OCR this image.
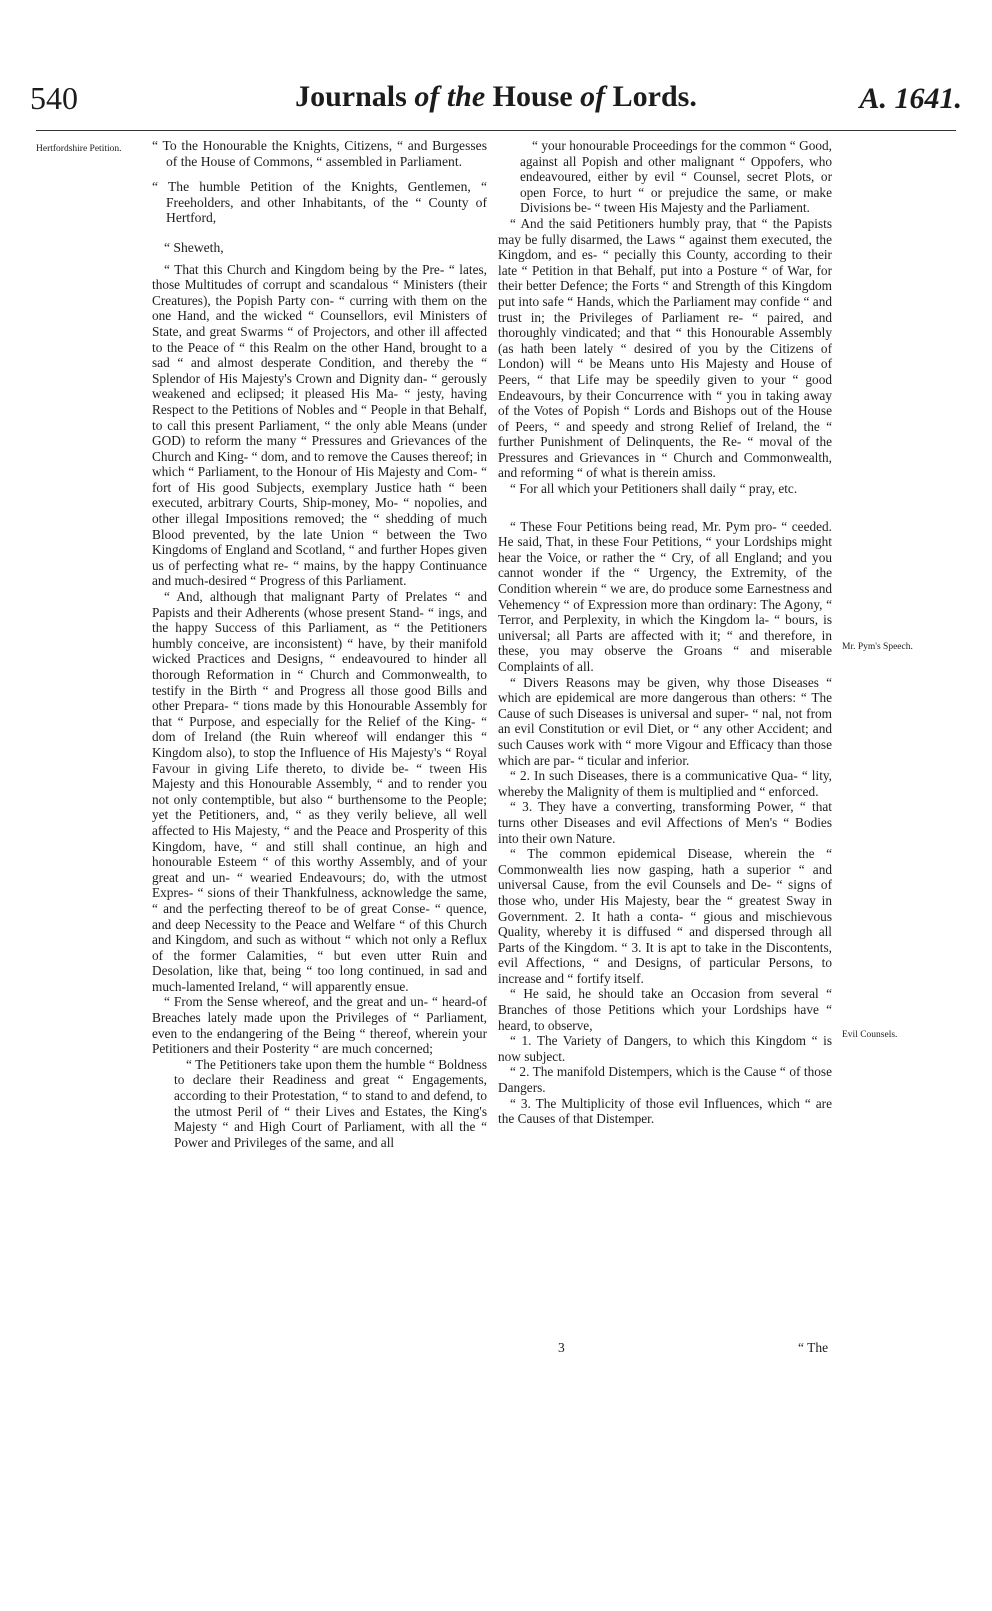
540	Journals of the House of Lords.	A. 1641.
Hertfordshire Petition.
Mr. Pym's Speech.
Evil Counsels.

“ To the Honourable the Knights, Citizens, “ and Burgesses of the House of Commons, “ assembled in Parliament.

“ The humble Petition of the Knights, Gentlemen, “ Freeholders, and other Inhabitants, of the “ County of Hertford,

“ Sheweth,

“ That this Church and Kingdom being by the Pre- “ lates, those Multitudes of corrupt and scandalous “ Ministers (their Creatures), the Popish Party con- “ curring with them on the one Hand, and the wicked “ Counsellors, evil Ministers of State, and great Swarms “ of Projectors, and other ill affected to the Peace of “ this Realm on the other Hand, brought to a sad “ and almost desperate Condition, and thereby the “ Splendor of His Majesty's Crown and Dignity dan- “ gerously weakened and eclipsed; it pleased His Ma- “ jesty, having Respect to the Petitions of Nobles and “ People in that Behalf, to call this present Parliament, “ the only able Means (under GOD) to reform the many “ Pressures and Grievances of the Church and King- “ dom, and to remove the Causes thereof; in which “ Parliament, to the Honour of His Majesty and Com- “ fort of His good Subjects, exemplary Justice hath “ been executed, arbitrary Courts, Ship-money, Mo- “ nopolies, and other illegal Impositions removed; the “ shedding of much Blood prevented, by the late Union “ between the Two Kingdoms of England and Scotland, “ and further Hopes given us of perfecting what re- “ mains, by the happy Continuance and much-desired “ Progress of this Parliament.

“ And, although that malignant Party of Prelates “ and Papists and their Adherents (whose present Stand- “ ings, and the happy Success of this Parliament, as “ the Petitioners humbly conceive, are inconsistent) “ have, by their manifold wicked Practices and Designs, “ endeavoured to hinder all thorough Reformation in “ Church and Commonwealth, to testify in the Birth “ and Progress all those good Bills and other Prepara- “ tions made by this Honourable Assembly for that “ Purpose, and especially for the Relief of the King- “ dom of Ireland (the Ruin whereof will endanger this “ Kingdom also), to stop the Influence of His Majesty's “ Royal Favour in giving Life thereto, to divide be- “ tween His Majesty and this Honourable Assembly, “ and to render you not only contemptible, but also “ burthensome to the People; yet the Petitioners, and, “ as they verily believe, all well affected to His Majesty, “ and the Peace and Prosperity of this Kingdom, have, “ and still shall continue, an high and honourable Esteem “ of this worthy Assembly, and of your great and un- “ wearied Endeavours; do, with the utmost Expres- “ sions of their Thankfulness, acknowledge the same, “ and the perfecting thereof to be of great Conse- “ quence, and deep Necessity to the Peace and Welfare “ of this Church and Kingdom, and such as without “ which not only a Reflux of the former Calamities, “ but even utter Ruin and Desolation, like that, being “ too long continued, in sad and much-lamented Ireland, “ will apparently ensue.

“ From the Sense whereof, and the great and un- “ heard-of Breaches lately made upon the Privileges of “ Parliament, even to the endangering of the Being “ thereof, wherein your Petitioners and their Posterity “ are much concerned;

“ The Petitioners take upon them the humble “ Boldness to declare their Readiness and great “ Engagements, according to their Protestation, “ to stand to and defend, to the utmost Peril of “ their Lives and Estates, the King's Majesty “ and High Court of Parliament, with all the “ Power and Privileges of the same, and all

“ your honourable Proceedings for the common “ Good, against all Popish and other malignant “ Oppofers, who endeavoured, either by evil “ Counsel, secret Plots, or open Force, to hurt “ or prejudice the same, or make Divisions be- “ tween His Majesty and the Parliament.

“ And the said Petitioners humbly pray, that “ the Papists may be fully disarmed, the Laws “ against them executed, the Kingdom, and es- “ pecially this County, according to their late “ Petition in that Behalf, put into a Posture “ of War, for their better Defence; the Forts “ and Strength of this Kingdom put into safe “ Hands, which the Parliament may confide “ and trust in; the Privileges of Parliament re- “ paired, and thoroughly vindicated; and that “ this Honourable Assembly (as hath been lately “ desired of you by the Citizens of London) will “ be Means unto His Majesty and House of Peers, “ that Life may be speedily given to your “ good Endeavours, by their Concurrence with “ you in taking away of the Votes of Popish “ Lords and Bishops out of the House of Peers, “ and speedy and strong Relief of Ireland, the “ further Punishment of Delinquents, the Re- “ moval of the Pressures and Grievances in “ Church and Commonwealth, and reforming “ of what is therein amiss.

“ For all which your Petitioners shall daily “ pray, etc.

“ These Four Petitions being read, Mr. Pym pro- “ ceeded. He said, That, in these Four Petitions, “ your Lordships might hear the Voice, or rather the “ Cry, of all England; and you cannot wonder if the “ Urgency, the Extremity, of the Condition wherein “ we are, do produce some Earnestness and Vehemency “ of Expression more than ordinary: The Agony, “ Terror, and Perplexity, in which the Kingdom la- “ bours, is universal; all Parts are affected with it; “ and therefore, in these, you may observe the Groans “ and miserable Complaints of all.

“ Divers Reasons may be given, why those Diseases “ which are epidemical are more dangerous than others: “ The Cause of such Diseases is universal and super- “ nal, not from an evil Constitution or evil Diet, or “ any other Accident; and such Causes work with “ more Vigour and Efficacy than those which are par- “ ticular and inferior.

“ 2. In such Diseases, there is a communicative Qua- “ lity, whereby the Malignity of them is multiplied and “ enforced.

“ 3. They have a converting, transforming Power, “ that turns other Diseases and evil Affections of Men's “ Bodies into their own Nature.

“ The common epidemical Disease, wherein the “ Commonwealth lies now gasping, hath a superior “ and universal Cause, from the evil Counsels and De- “ signs of those who, under His Majesty, bear the “ greatest Sway in Government. 2. It hath a conta- “ gious and mischievous Quality, whereby it is diffused “ and dispersed through all Parts of the Kingdom. “ 3. It is apt to take in the Discontents, evil Affections, “ and Designs, of particular Persons, to increase and “ fortify itself.

“ He said, he should take an Occasion from several “ Branches of those Petitions which your Lordships have “ heard, to observe,

“ 1. The Variety of Dangers, to which this Kingdom “ is now subject.

“ 2. The manifold Distempers, which is the Cause “ of those Dangers.

“ 3. The Multiplicity of those evil Influences, which “ are the Causes of that Distemper.

3	“ The
